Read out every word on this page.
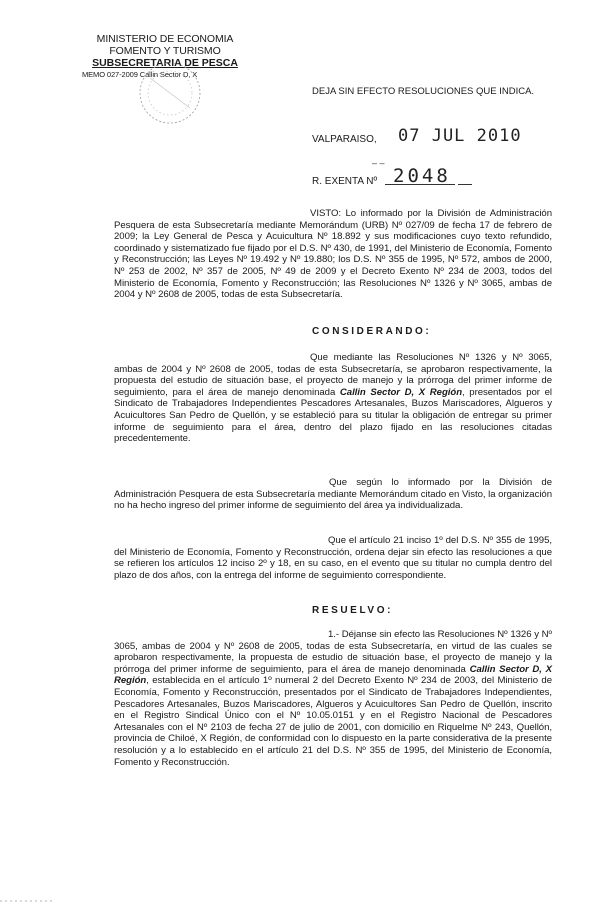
MINISTERIO DE ECONOMIA
FOMENTO Y TURISMO
SUBSECRETARIA DE PESCA
MEMO 027-2009 Callin Sector D, X
DEJA SIN EFECTO RESOLUCIONES QUE INDICA.
VALPARAISO, 07 JUL 2010
– –
R. EXENTA Nº 2048
VISTO: Lo informado por la División de Administración Pesquera de esta Subsecretaría mediante Memorándum (URB) Nº 027/09 de fecha 17 de febrero de 2009; la Ley General de Pesca y Acuicultura Nº 18.892 y sus modificaciones cuyo texto refundido, coordinado y sistematizado fue fijado por el D.S. Nº 430, de 1991, del Ministerio de Economía, Fomento y Reconstrucción; las Leyes Nº 19.492 y Nº 19.880; los D.S. Nº 355 de 1995, Nº 572, ambos de 2000, Nº 253 de 2002, Nº 357 de 2005, Nº 49 de 2009 y el Decreto Exento Nº 234 de 2003, todos del Ministerio de Economía, Fomento y Reconstrucción; las Resoluciones Nº 1326 y Nº 3065, ambas de 2004 y Nº 2608 de 2005, todas de esta Subsecretaría.
CONSIDERANDO:
Que mediante las Resoluciones Nº 1326 y Nº 3065, ambas de 2004 y Nº 2608 de 2005, todas de esta Subsecretaría, se aprobaron respectivamente, la propuesta del estudio de situación base, el proyecto de manejo y la prórroga del primer informe de seguimiento, para el área de manejo denominada Callin Sector D, X Región, presentados por el Sindicato de Trabajadores Independientes Pescadores Artesanales, Buzos Mariscadores, Algueros y Acuicultores San Pedro de Quellón, y se estableció para su titular la obligación de entregar su primer informe de seguimiento para el área, dentro del plazo fijado en las resoluciones citadas precedentemente.
Que según lo informado por la División de Administración Pesquera de esta Subsecretaría mediante Memorándum citado en Visto, la organización no ha hecho ingreso del primer informe de seguimiento del área ya individualizada.
Que el artículo 21 inciso 1º del D.S. Nº 355 de 1995, del Ministerio de Economía, Fomento y Reconstrucción, ordena dejar sin efecto las resoluciones a que se refieren los artículos 12 inciso 2º y 18, en su caso, en el evento que su titular no cumpla dentro del plazo de dos años, con la entrega del informe de seguimiento correspondiente.
RESUELVO:
1.- Déjanse sin efecto las Resoluciones Nº 1326 y Nº 3065, ambas de 2004 y Nº 2608 de 2005, todas de esta Subsecretaría, en virtud de las cuales se aprobaron respectivamente, la propuesta de estudio de situación base, el proyecto de manejo y la prórroga del primer informe de seguimiento, para el área de manejo denominada Callin Sector D, X Región, establecida en el artículo 1º numeral 2 del Decreto Exento Nº 234 de 2003, del Ministerio de Economía, Fomento y Reconstrucción, presentados por el Sindicato de Trabajadores Independientes, Pescadores Artesanales, Buzos Mariscadores, Algueros y Acuicultores San Pedro de Quellón, inscrito en el Registro Sindical Único con el Nº 10.05.0151 y en el Registro Nacional de Pescadores Artesanales con el Nº 2103 de fecha 27 de julio de 2001, con domicilio en Riquelme Nº 243, Quellón, provincia de Chiloé, X Región, de conformidad con lo dispuesto en la parte considerativa de la presente resolución y a lo establecido en el artículo 21 del D.S. Nº 355 de 1995, del Ministerio de Economía, Fomento y Reconstrucción.
